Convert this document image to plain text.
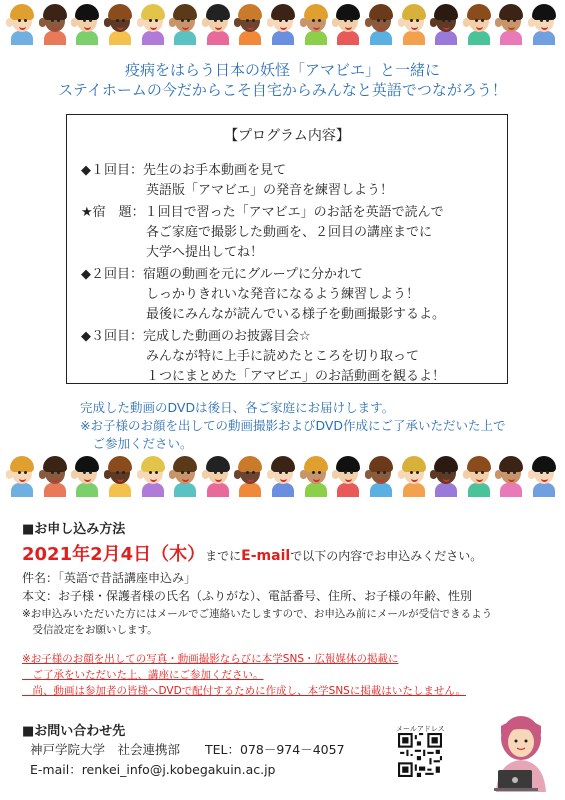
疫病をはらう日本の妖怪「アマビエ」と一緒に
ステイホームの今だからこそ自宅からみんなと英語でつながろう！
【プログラム内容】
◆１回目：先生のお手本動画を見て
　　　　　英語版「アマビエ」の発音を練習しよう！
★宿　題：１回目で習った「アマビエ」のお話を英語で読んで
　　　　　各ご家庭で撮影した動画を、２回目の講座までに
　　　　　大学へ提出してね！
◆２回目：宿題の動画を元にグループに分かれて
　　　　　しっかりきれいな発音になるよう練習しよう！
　　　　　最後にみんなが読んでいる様子を動画撮影するよ。
◆３回目：完成した動画のお披露目会☆
　　　　　みんなが特に上手に読めたところを切り取って
　　　　　１つにまとめた「アマビエ」のお話動画を観るよ！
完成した動画のDVDは後日、各ご家庭にお届けします。
※お子様のお顔を出しての動画撮影およびDVD作成にご了承いただいた上で
　ご参加ください。
■お申し込み方法
2021年2月4日（木）までにE-mailで以下の内容でお申込みください。
件名：「英語で昔話講座申込み」
本文：お子様・保護者様の氏名（ふりがな）、電話番号、住所、お子様の年齢、性別
※お申込みいただいた方にはメールでご連絡いたしますので、お申込み前にメールが受信できるよう
　受信設定をお願いします。
※お子様のお顔を出しての写真・動画撮影ならびに本学SNS・広報媒体の掲載に
　ご了承をいただいた上、講座にご参加ください。
　尚、動画は参加者の皆様へDVDで配付するために作成し、本学SNSに掲載はいたしません。
■お問い合わせ先
神戸学院大学　社会連携部　　TEL：078－974－4057
E-mail：renkei_info@j.kobegakuin.ac.jp
メールアドレス
